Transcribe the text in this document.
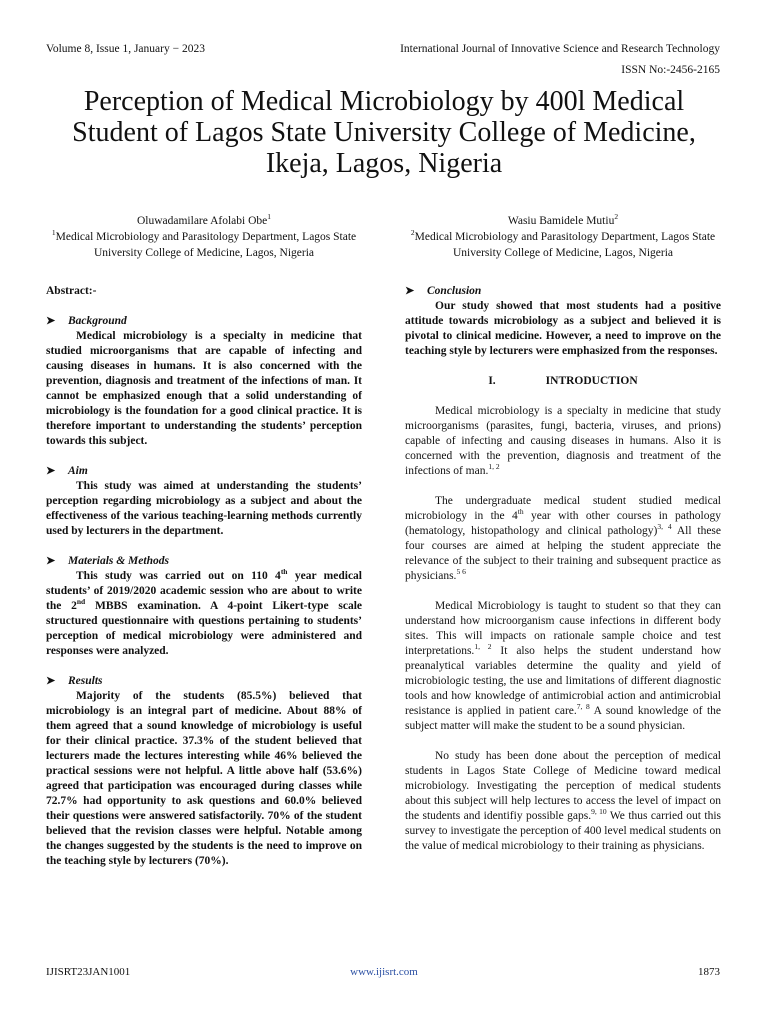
Volume 8, Issue 1, January − 2023	International Journal of Innovative Science and Research Technology
ISSN No:-2456-2165
Perception of Medical Microbiology by 400l Medical Student of Lagos State University College of Medicine, Ikeja, Lagos, Nigeria
Oluwadamilare Afolabi Obe$^1$
$^1$Medical Microbiology and Parasitology Department, Lagos State University College of Medicine, Lagos, Nigeria
Wasiu Bamidele Mutiu$^2$
$^2$Medical Microbiology and Parasitology Department, Lagos State University College of Medicine, Lagos, Nigeria

Abstract:-

➤	Background

Medical microbiology is a specialty in medicine that studied microorganisms that are capable of infecting and causing diseases in humans. It is also concerned with the prevention, diagnosis and treatment of the infections of man. It cannot be emphasized enough that a solid understanding of microbiology is the foundation for a good clinical practice. It is therefore important to understanding the students’ perception towards this subject.

➤	Aim

This study was aimed at understanding the students’ perception regarding microbiology as a subject and about the effectiveness of the various teaching-learning methods currently used by lecturers in the department.

➤	Materials & Methods

This study was carried out on 110 4th year medical students’ of 2019/2020 academic session who are about to write the 2nd MBBS examination. A 4-point Likert-type scale structured questionnaire with questions pertaining to students’ perception of medical microbiology were administered and responses were analyzed.

➤	Results

Majority of the students (85.5%) believed that microbiology is an integral part of medicine. About 88% of them agreed that a sound knowledge of microbiology is useful for their clinical practice. 37.3% of the student believed that lecturers made the lectures interesting while 46% believed the practical sessions were not helpful. A little above half (53.6%) agreed that participation was encouraged during classes while 72.7% had opportunity to ask questions and 60.0% believed their questions were answered satisfactorily. 70% of the student believed that the revision classes were helpful. Notable among the changes suggested by the students is the need to improve on the teaching style by lecturers (70%).

➤	Conclusion

Our study showed that most students had a positive attitude towards microbiology as a subject and believed it is pivotal to clinical medicine. However, a need to improve on the teaching style by lecturers were emphasized from the responses.

I.	INTRODUCTION

Medical microbiology is a specialty in medicine that study microorganisms (parasites, fungi, bacteria, viruses, and prions) capable of infecting and causing diseases in humans. Also it is concerned with the prevention, diagnosis and treatment of the infections of man.$^{1, 2}$

The undergraduate medical student studied medical microbiology in the 4th year with other courses in pathology (hematology, histopathology and clinical pathology)$^{3, 4}$ All these four courses are aimed at helping the student appreciate the relevance of the subject to their training and subsequent practice as physicians.$^{5 6}$

Medical Microbiology is taught to student so that they can understand how microorganism cause infections in different body sites. This will impacts on rationale sample choice and test interpretations.$^{1, 2}$ It also helps the student understand how preanalytical variables determine the quality and yield of microbiologic testing, the use and limitations of different diagnostic tools and how knowledge of antimicrobial action and antimicrobial resistance is applied in patient care.$^{7, 8}$ A sound knowledge of the subject matter will make the student to be a sound physician.

No study has been done about the perception of medical students in Lagos State College of Medicine toward medical microbiology. Investigating the perception of medical students about this subject will help lectures to access the level of impact on the students and identifiy possible gaps.$^{9, 10}$ We thus carried out this survey to investigate the perception of 400 level medical students on the value of medical microbiology to their training as physicians.

IJISRT23JAN1001	www.ijisrt.com	1873
